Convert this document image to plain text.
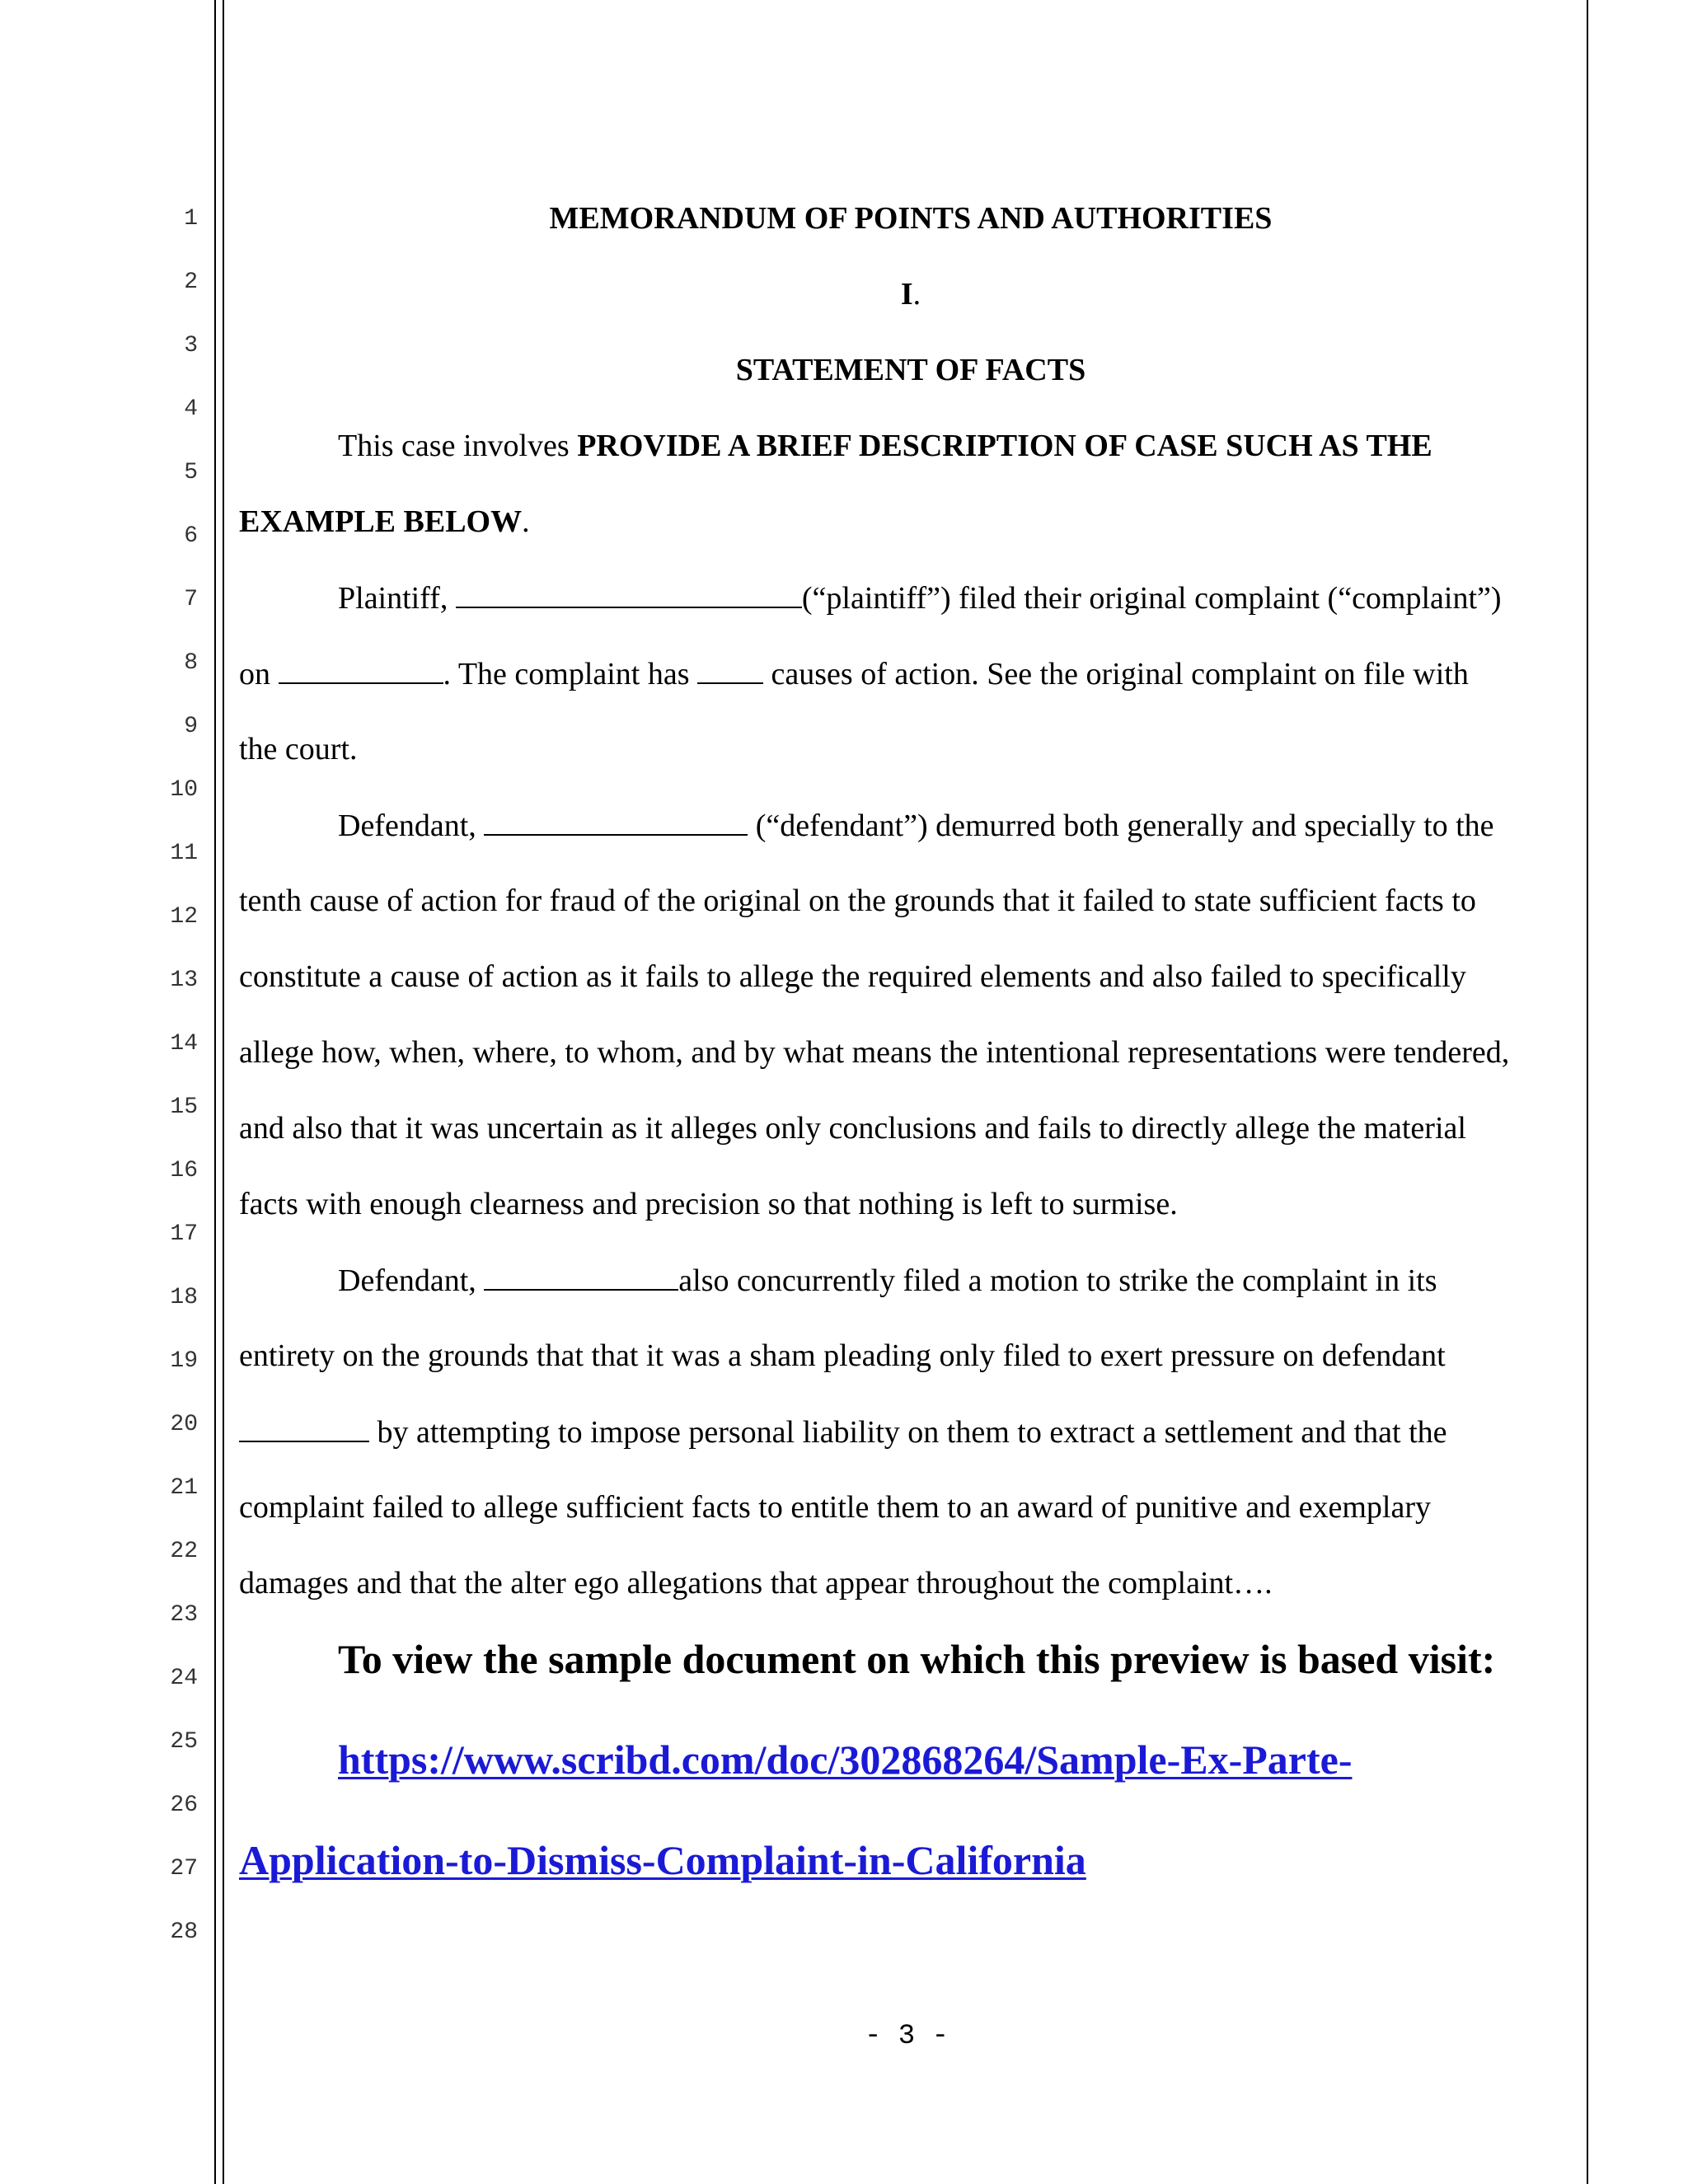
1
2
3
4
5
6
7
8
9
10
11
12
13
14
15
16
17
18
19
20
21
22
23
24
25
26
27
28
MEMORANDUM OF POINTS AND AUTHORITIES
I.
STATEMENT OF FACTS
This case involves PROVIDE A BRIEF DESCRIPTION OF CASE SUCH AS THE
EXAMPLE BELOW.
Plaintiff,	(“plaintiff”) filed their original complaint (“complaint”)
on	. The complaint has  causes of action. See the original complaint on file with
the court.
Defendant,	(“defendant”) demurred both generally and specially to the
tenth cause of action for fraud of the original on the grounds that it failed to state sufficient facts to
constitute a cause of action as it fails to allege the required elements and also failed to specifically
allege how, when, where, to whom, and by what means the intentional representations were tendered,
and also that it was uncertain as it alleges only conclusions and fails to directly allege the material
facts with enough clearness and precision so that nothing is left to surmise.
Defendant,	also concurrently filed a motion to strike the complaint in its
entirety on the grounds that that it was a sham pleading only filed to exert pressure on defendant
by attempting to impose personal liability on them to extract a settlement and that the
complaint failed to allege sufficient facts to entitle them to an award of punitive and exemplary
damages and that the alter ego allegations that appear throughout the complaint….
To view the sample document on which this preview is based visit:
https://www.scribd.com/doc/302868264/Sample-Ex-Parte-
Application-to-Dismiss-Complaint-in-California
- 3 -
